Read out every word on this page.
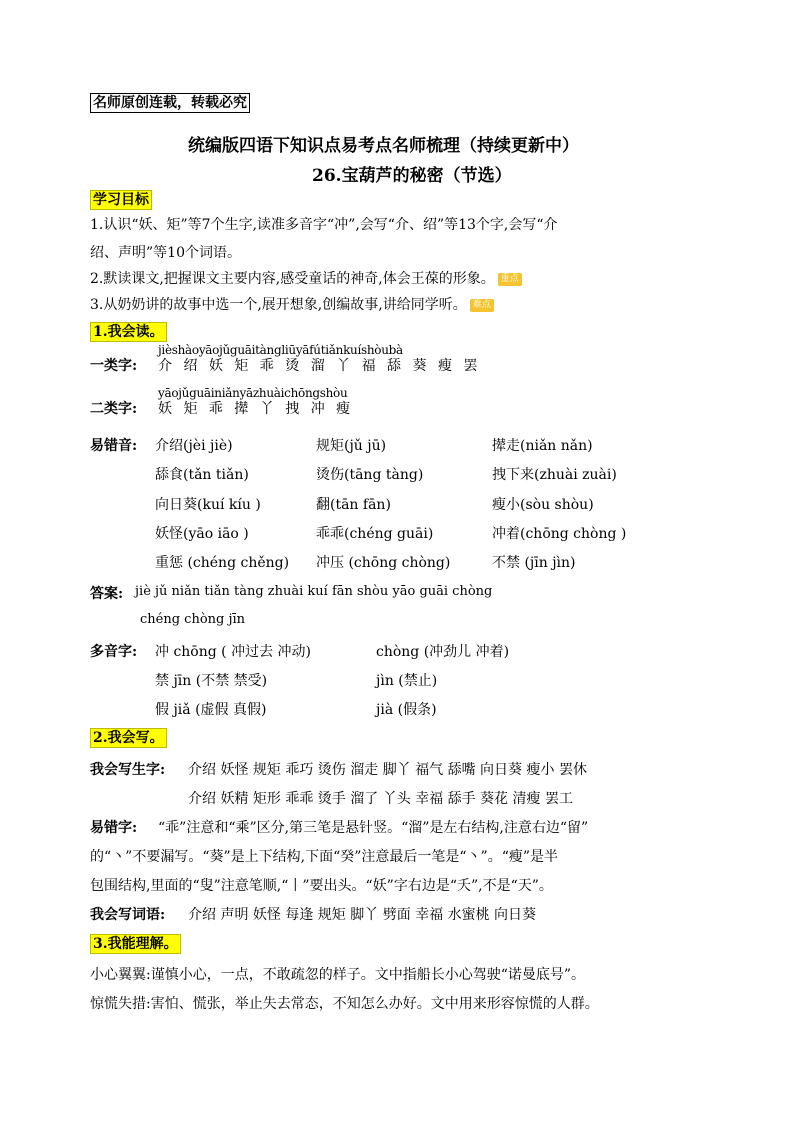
名师原创连载，转载必究
统编版四语下知识点易考点名师梳理（持续更新中）
26.宝葫芦的秘密（节选）
学习目标
1.认识“妖、矩”等7个生字,读准多音字“冲”,会写“介、绍”等13个字,会写“介
绍、声明”等10个词语。
2.默读课文,把握课文主要内容,感受童话的神奇,体会王葆的形象。 重点
3.从奶奶讲的故事中选一个,展开想象,创编故事,讲给同学听。 难点
1.我会读。
jièshàoyāojǔguāitàngliūyāfútiǎnkuíshòubà
一类字: 介 绍 妖 矩 乖 烫 溜 丫 福 舔 葵 瘦 罢
yāojǔguāiniǎnyāzhuàichōngshòu
二类字: 妖 矩 乖 撵 丫 拽 冲 瘦
易错音: 介绍(jèi jiè)	规矩(jǔ jū)	撵走(niǎn nǎn)
舔食(tǎn tiǎn)	烫伤(tāng tàng)	拽下来(zhuài zuài)
向日葵(kuí kíu )	翻(tān fān)	瘦小(sòu shòu)
妖怪(yāo iāo )	乖乖(chéng guāi)	冲着(chōng chòng )
重惩 (chéng chěng) 冲压 (chōng chòng)	不禁 (jīn jìn)
答案: jiè jǔ niǎn tiǎn tàng zhuài kuí fān shòu yāo guāi chòng
chéng chòng jīn
多音字: 冲 chōng ( 冲过去 冲动)	chòng (冲劲儿 冲着)
禁 jīn (不禁 禁受)	jìn (禁止)
假 jiǎ (虚假 真假)	jià (假条)
2.我会写。
我会写生字: 介绍 妖怪 规矩 乖巧 烫伤 溜走 脚丫 福气 舔嘴 向日葵 瘦小 罢休
介绍 妖精 矩形 乖乖 烫手 溜了 丫头 幸福 舔手 葵花 清瘦 罢工
易错字: “乖”注意和“乘”区分,第三笔是悬针竖。“溜”是左右结构,注意右边“留”
的“丶”不要漏写。“葵”是上下结构,下面“癸”注意最后一笔是“丶”。“瘦”是半
包围结构,里面的“叟”注意笔顺,“丨”要出头。“妖”字右边是“夭”,不是“天”。
我会写词语: 介绍 声明 妖怪 每逢 规矩 脚丫 劈面 幸福 水蜜桃 向日葵
3.我能理解。
小心翼翼:谨慎小心，一点，不敢疏忽的样子。文中指船长小心驾驶“诺曼底号”。
惊慌失措:害怕、慌张，举止失去常态，不知怎么办好。文中用来形容惊慌的人群。
